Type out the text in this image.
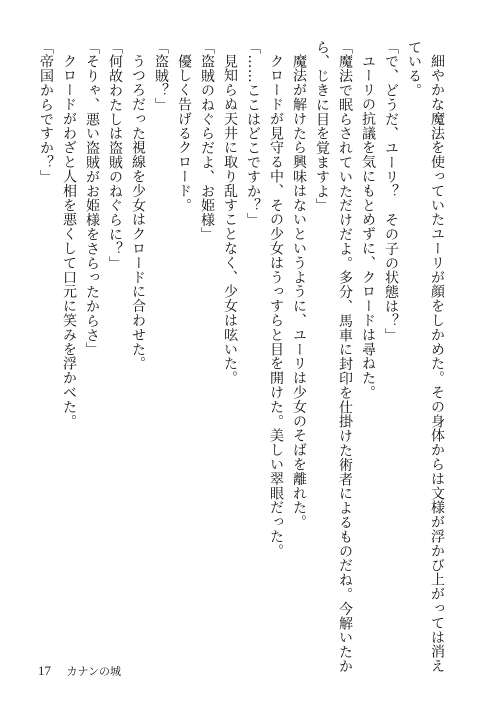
細やかな魔法を使っていたユーリが顔をしかめた。その身体からは文様が浮かび上がっては消え
ている。
「で、どうだ、ユーリ？　その子の状態は？」
ユーリの抗議を気にもとめずに、クロードは尋ねた。
「魔法で眠らされていただけだよ。多分、馬車に封印を仕掛けた術者によるものだね。今解いたか
ら、じきに目を覚ますよ」
魔法が解けたら興味はないというように、ユーリは少女のそばを離れた。
クロードが見守る中、その少女はうっすらと目を開けた。美しい翠眼だった。
「……ここはどこですか？」
見知らぬ天井に取り乱すことなく、少女は呟いた。
「盗賊のねぐらだよ、お姫様」
優しく告げるクロード。
「盗賊？」
うつろだった視線を少女はクロードに合わせた。
「何故わたしは盗賊のねぐらに？」
「そりゃ、悪い盗賊がお姫様をさらったからさ」
クロードがわざと人相を悪くして口元に笑みを浮かべた。
「帝国からですか？」
17 カナンの城
